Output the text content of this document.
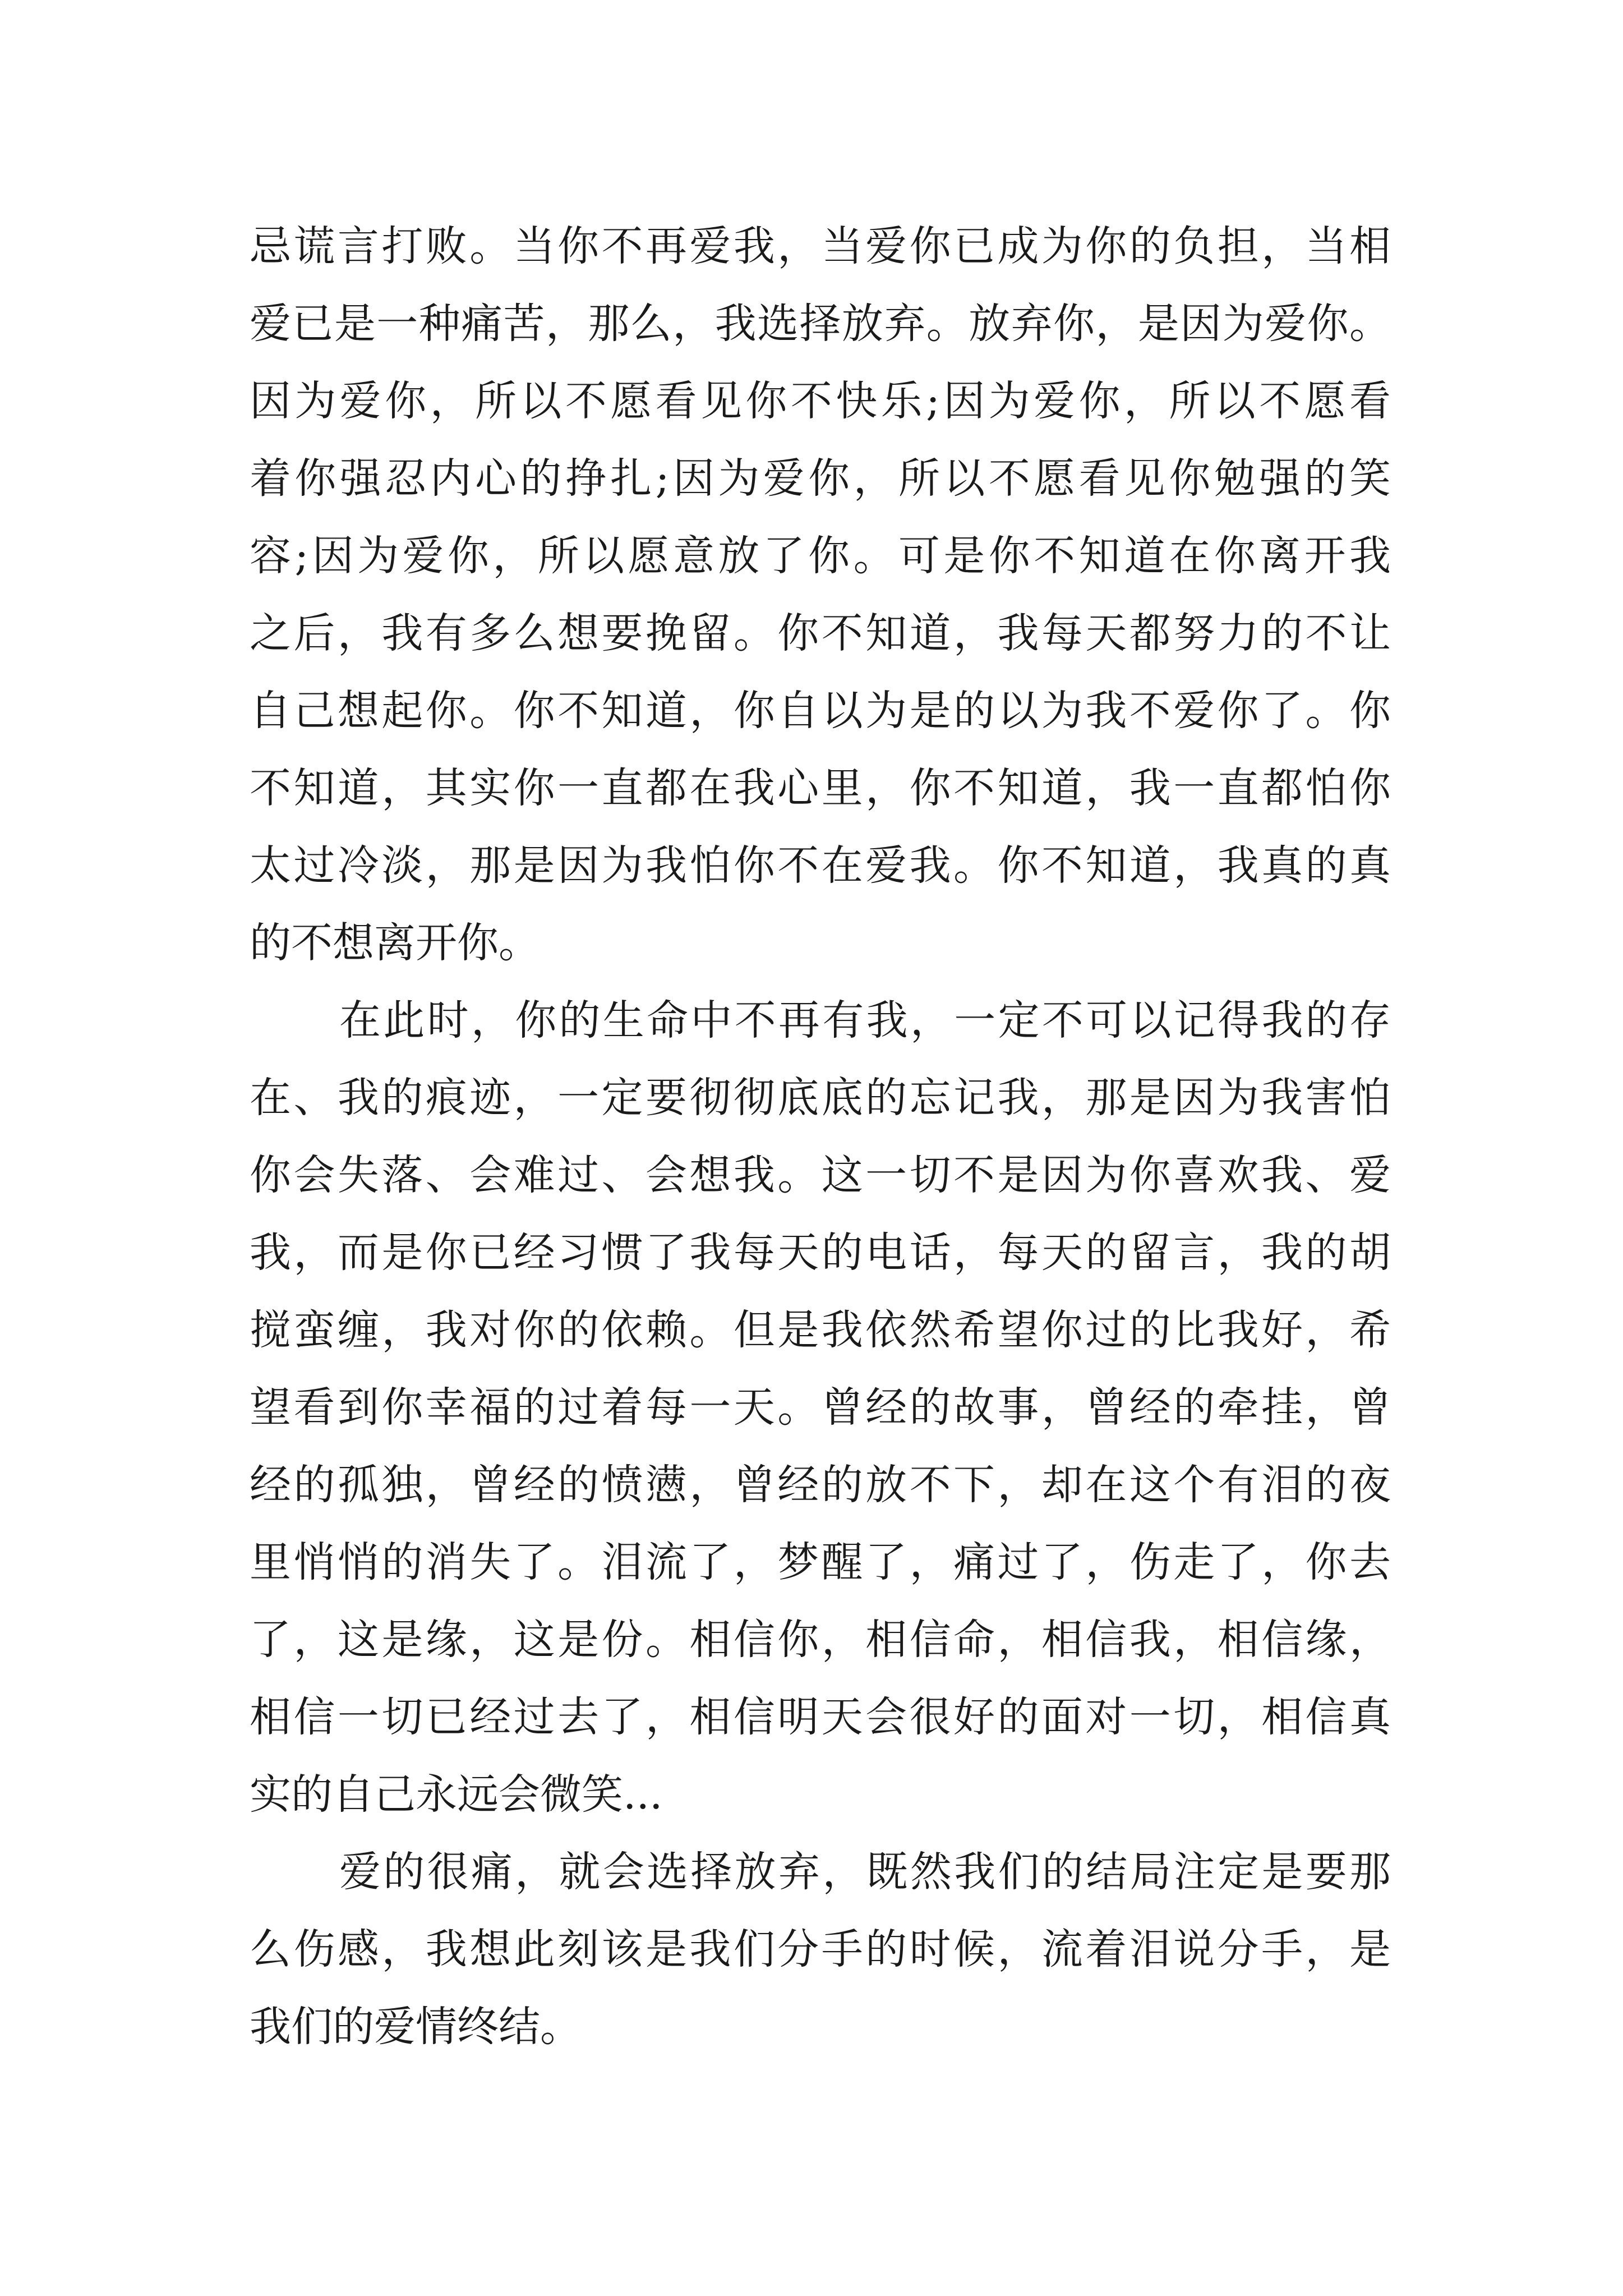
忌谎言打败。当你不再爱我，当爱你已成为你的负担，当相
爱已是一种痛苦，那么，我选择放弃。放弃你，是因为爱你。
因为爱你，所以不愿看见你不快乐;因为爱你，所以不愿看
着你强忍内心的挣扎;因为爱你，所以不愿看见你勉强的笑
容;因为爱你，所以愿意放了你。可是你不知道在你离开我
之后，我有多么想要挽留。你不知道，我每天都努力的不让
自己想起你。你不知道，你自以为是的以为我不爱你了。你
不知道，其实你一直都在我心里，你不知道，我一直都怕你
太过冷淡，那是因为我怕你不在爱我。你不知道，我真的真
的不想离开你。
在此时，你的生命中不再有我，一定不可以记得我的存
在、我的痕迹，一定要彻彻底底的忘记我，那是因为我害怕
你会失落、会难过、会想我。这一切不是因为你喜欢我、爱
我，而是你已经习惯了我每天的电话，每天的留言，我的胡
搅蛮缠，我对你的依赖。但是我依然希望你过的比我好，希
望看到你幸福的过着每一天。曾经的故事，曾经的牵挂，曾
经的孤独，曾经的愤懑，曾经的放不下，却在这个有泪的夜
里悄悄的消失了。泪流了，梦醒了，痛过了，伤走了，你去
了，这是缘，这是份。相信你，相信命，相信我，相信缘，
相信一切已经过去了，相信明天会很好的面对一切，相信真
实的自己永远会微笑...
爱的很痛，就会选择放弃，既然我们的结局注定是要那
么伤感，我想此刻该是我们分手的时候，流着泪说分手，是
我们的爱情终结。
